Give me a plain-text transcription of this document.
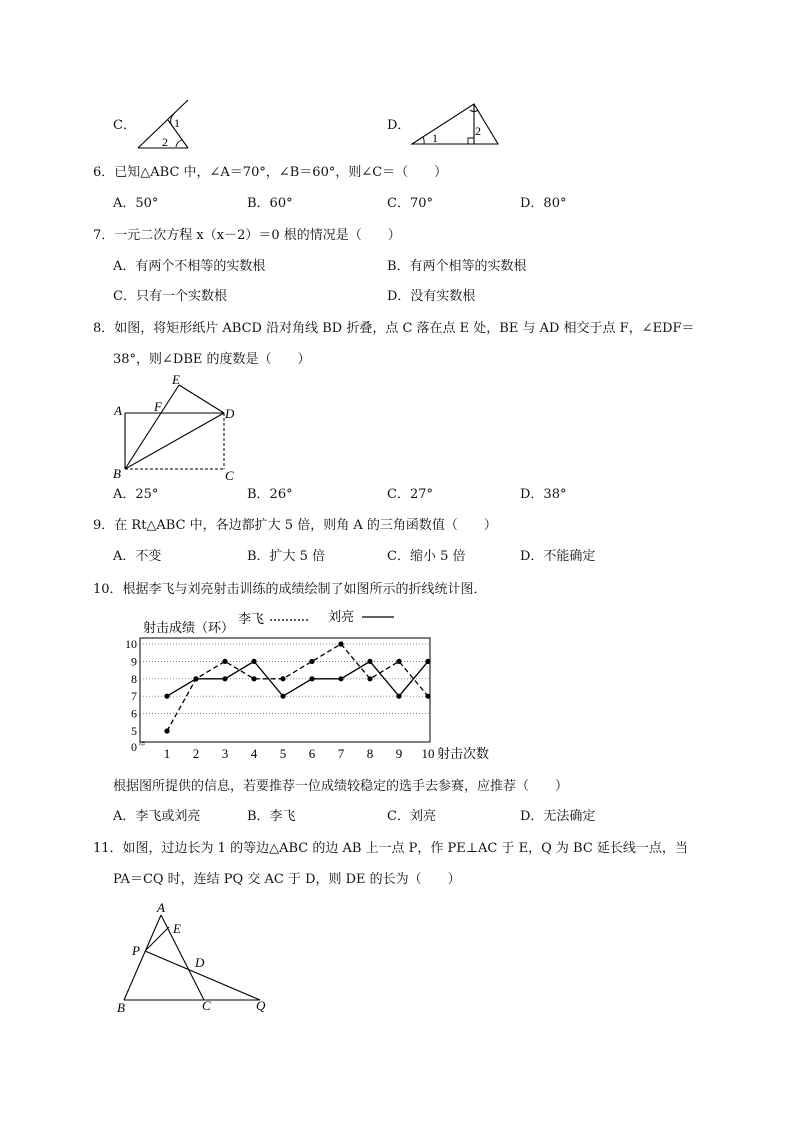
C．	1
2
D．
1	2
6．已知△ABC 中，∠A＝70°，∠B＝60°，则∠C＝（　　）
A．50°	B．60°	C．70°	D．80°
7．一元二次方程 x（x－2）＝0 根的情况是（　　）
A．有两个不相等的实数根	B．有两个相等的实数根
C．只有一个实数根	D．没有实数根
8．如图，将矩形纸片 ABCD 沿对角线 BD 折叠，点 C 落在点 E 处，BE 与 AD 相交于点 F，∠EDF＝
38°，则∠DBE 的度数是（　　）
E
A F	D
B	C
A．25°	B．26°	C．27°	D．38°
9．在 Rt△ABC 中，各边都扩大 5 倍，则角 A 的三角函数值（　　）
A．不变	B．扩大 5 倍	C．缩小 5 倍	D．不能确定
10．根据李飞与刘亮射击训练的成绩绘制了如图所示的折线统计图．
射击成绩（环）
李飞	刘亮
0
5
6
7
8
9
10
1 2 3 4 5 6 7 8 9 10
≈
射击次数
根据图所提供的信息，若要推荐一位成绩较稳定的选手去参赛，应推荐（　　）
A．李飞或刘亮	B．李飞	C．刘亮	D．无法确定
11．如图，过边长为 1 的等边△ABC 的边 AB 上一点 P，作 PE⊥AC 于 E，Q 为 BC 延长线一点，当
PA＝CQ 时，连结 PQ 交 AC 于 D，则 DE 的长为（　　）
A
E
P
D
B	C	Q
